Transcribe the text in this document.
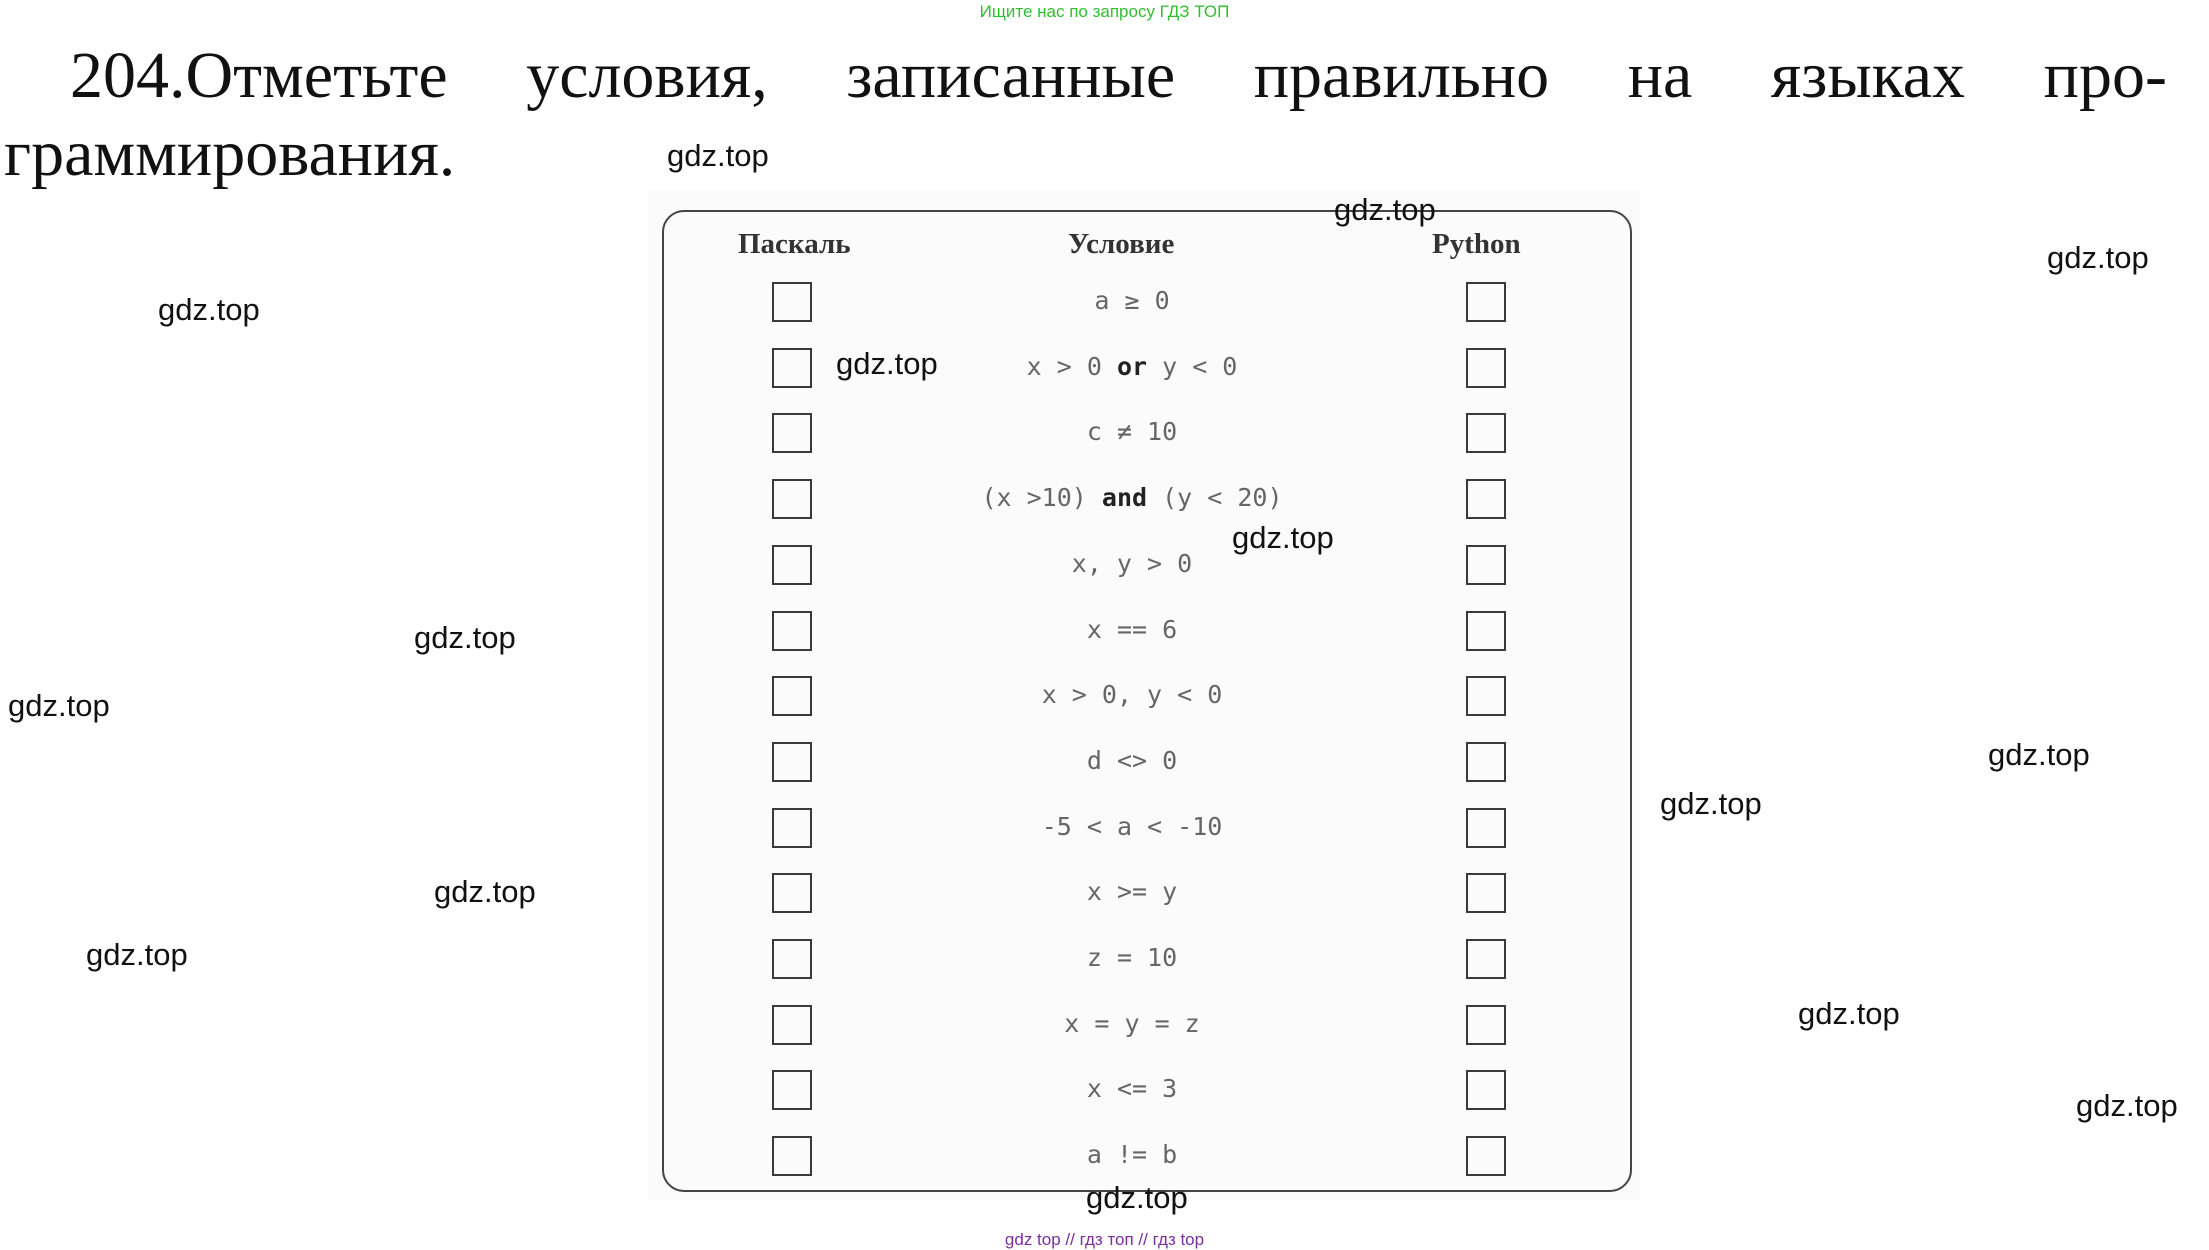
Ищите нас по запросу ГДЗ ТОП
204.Отметьте условия, записанные правильно на языках про-
граммирования.
Паскаль	Условие	Python
a ≥ 0
x > 0 or y < 0
c ≠ 10
(x >10) and (y < 20)
x, y > 0
x == 6
x > 0, y < 0
d <> 0
-5 < a < -10
x >= y
z = 10
x = y = z
x <= 3
a != b
gdz.top
gdz.top
gdz.top
gdz.top
gdz.top
gdz.top
gdz.top
gdz.top
gdz.top
gdz.top
gdz.top
gdz.top
gdz.top
gdz.top
gdz.top
gdz top // гдз топ // гдз top
